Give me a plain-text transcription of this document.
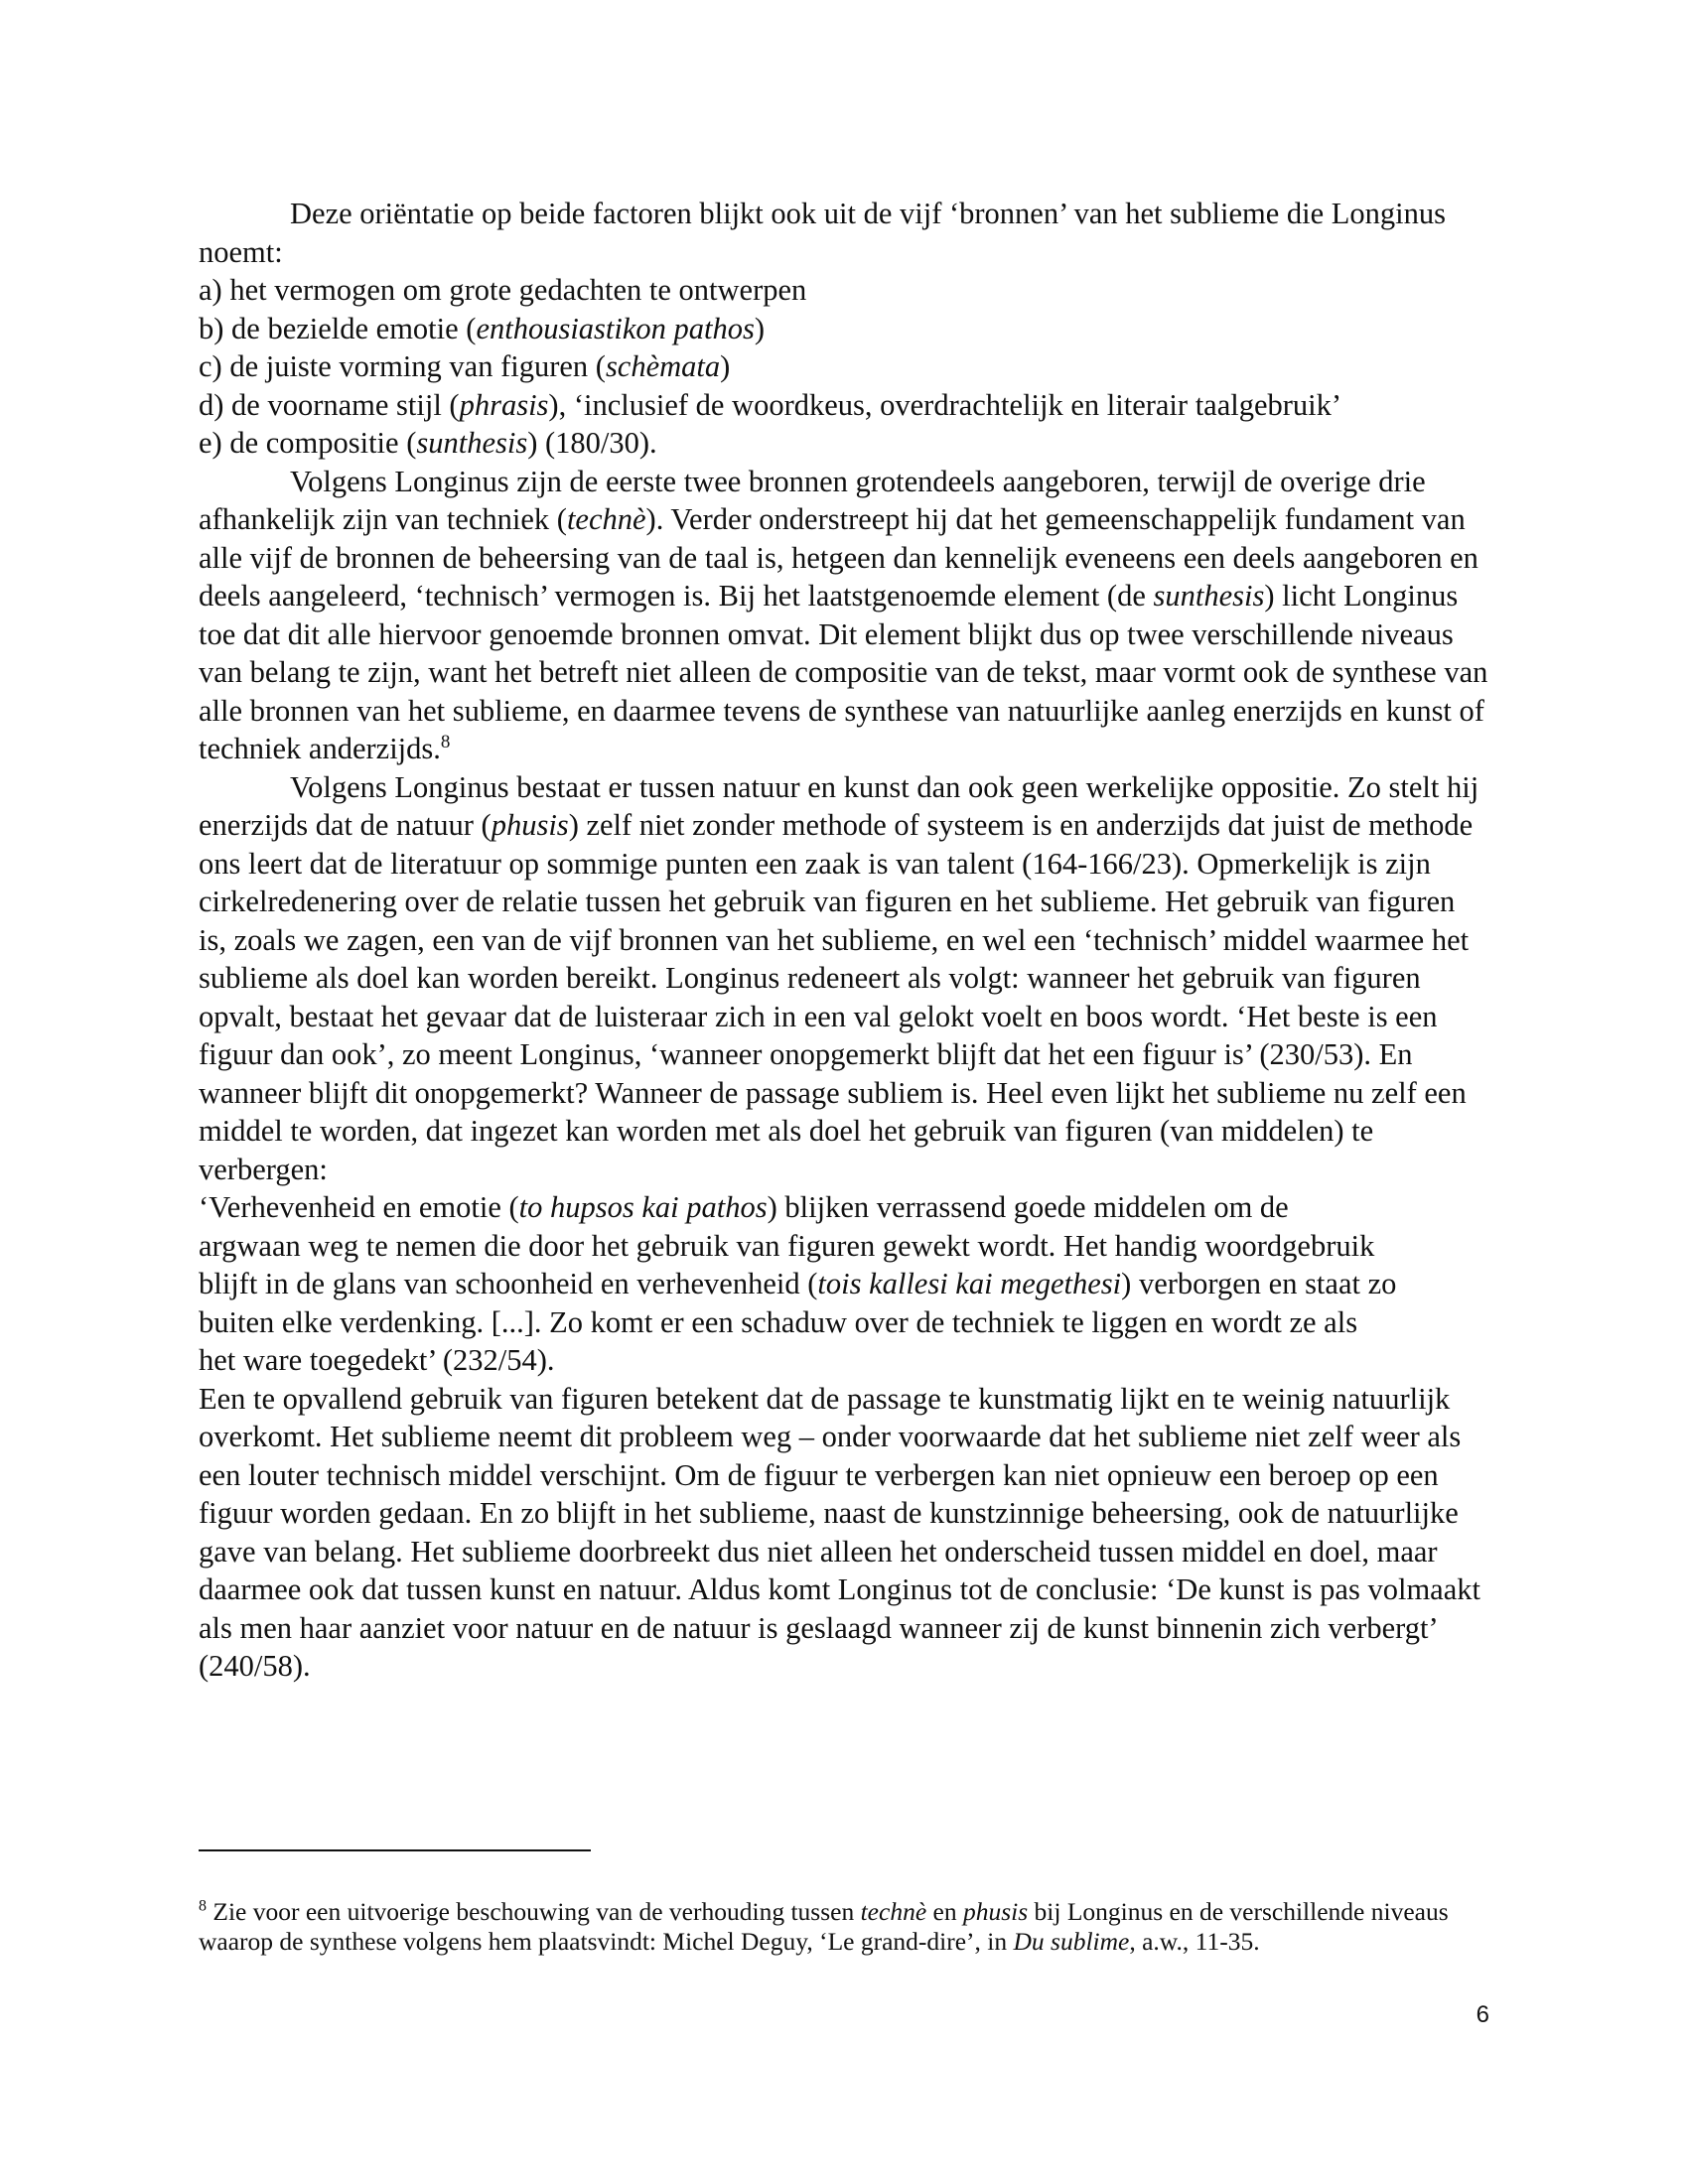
Deze oriëntatie op beide factoren blijkt ook uit de vijf ‘bronnen’ van het sublieme die Longinus noemt:

a) het vermogen om grote gedachten te ontwerpen

b) de bezielde emotie (enthousiastikon pathos)

c) de juiste vorming van figuren (schèmata)

d) de voorname stijl (phrasis), ‘inclusief de woordkeus, overdrachtelijk en literair taalgebruik’

e) de compositie (sunthesis) (180/30).

Volgens Longinus zijn de eerste twee bronnen grotendeels aangeboren, terwijl de overige drie afhankelijk zijn van techniek (technè). Verder onderstreept hij dat het gemeenschappelijk fundament van alle vijf de bronnen de beheersing van de taal is, hetgeen dan kennelijk eveneens een deels aangeboren en deels aangeleerd, ‘technisch’ vermogen is. Bij het laatstgenoemde element (de sunthesis) licht Longinus toe dat dit alle hiervoor genoemde bronnen omvat. Dit element blijkt dus op twee verschillende niveaus van belang te zijn, want het betreft niet alleen de compositie van de tekst, maar vormt ook de synthese van alle bronnen van het sublieme, en daarmee tevens de synthese van natuurlijke aanleg enerzijds en kunst of techniek anderzijds.$^8$

Volgens Longinus bestaat er tussen natuur en kunst dan ook geen werkelijke oppositie. Zo stelt hij enerzijds dat de natuur (phusis) zelf niet zonder methode of systeem is en anderzijds dat juist de methode ons leert dat de literatuur op sommige punten een zaak is van talent (164-166/23). Opmerkelijk is zijn cirkelredenering over de relatie tussen het gebruik van figuren en het sublieme. Het gebruik van figuren is, zoals we zagen, een van de vijf bronnen van het sublieme, en wel een ‘technisch’ middel waarmee het sublieme als doel kan worden bereikt. Longinus redeneert als volgt: wanneer het gebruik van figuren opvalt, bestaat het gevaar dat de luisteraar zich in een val gelokt voelt en boos wordt. ‘Het beste is een figuur dan ook’, zo meent Longinus, ‘wanneer onopgemerkt blijft dat het een figuur is’ (230/53). En wanneer blijft dit onopgemerkt? Wanneer de passage subliem is. Heel even lijkt het sublieme nu zelf een middel te worden, dat ingezet kan worden met als doel het gebruik van figuren (van middelen) te verbergen:

‘Verhevenheid en emotie (to hupsos kai pathos) blijken verrassend goede middelen om de argwaan weg te nemen die door het gebruik van figuren gewekt wordt. Het handig woordgebruik blijft in de glans van schoonheid en verhevenheid (tois kallesi kai megethesi) verborgen en staat zo buiten elke verdenking. [...]. Zo komt er een schaduw over de techniek te liggen en wordt ze als het ware toegedekt’ (232/54).

Een te opvallend gebruik van figuren betekent dat de passage te kunstmatig lijkt en te weinig natuurlijk overkomt. Het sublieme neemt dit probleem weg – onder voorwaarde dat het sublieme niet zelf weer als een louter technisch middel verschijnt. Om de figuur te verbergen kan niet opnieuw een beroep op een figuur worden gedaan. En zo blijft in het sublieme, naast de kunstzinnige beheersing, ook de natuurlijke gave van belang. Het sublieme doorbreekt dus niet alleen het onderscheid tussen middel en doel, maar daarmee ook dat tussen kunst en natuur. Aldus komt Longinus tot de conclusie: ‘De kunst is pas volmaakt als men haar aanziet voor natuur en de natuur is geslaagd wanneer zij de kunst binnenin zich verbergt’ (240/58).

$^8$ Zie voor een uitvoerige beschouwing van de verhouding tussen technè en phusis bij Longinus en de verschillende niveaus waarop de synthese volgens hem plaatsvindt: Michel Deguy, ‘Le grand-dire’, in Du sublime, a.w., 11-35.

6
